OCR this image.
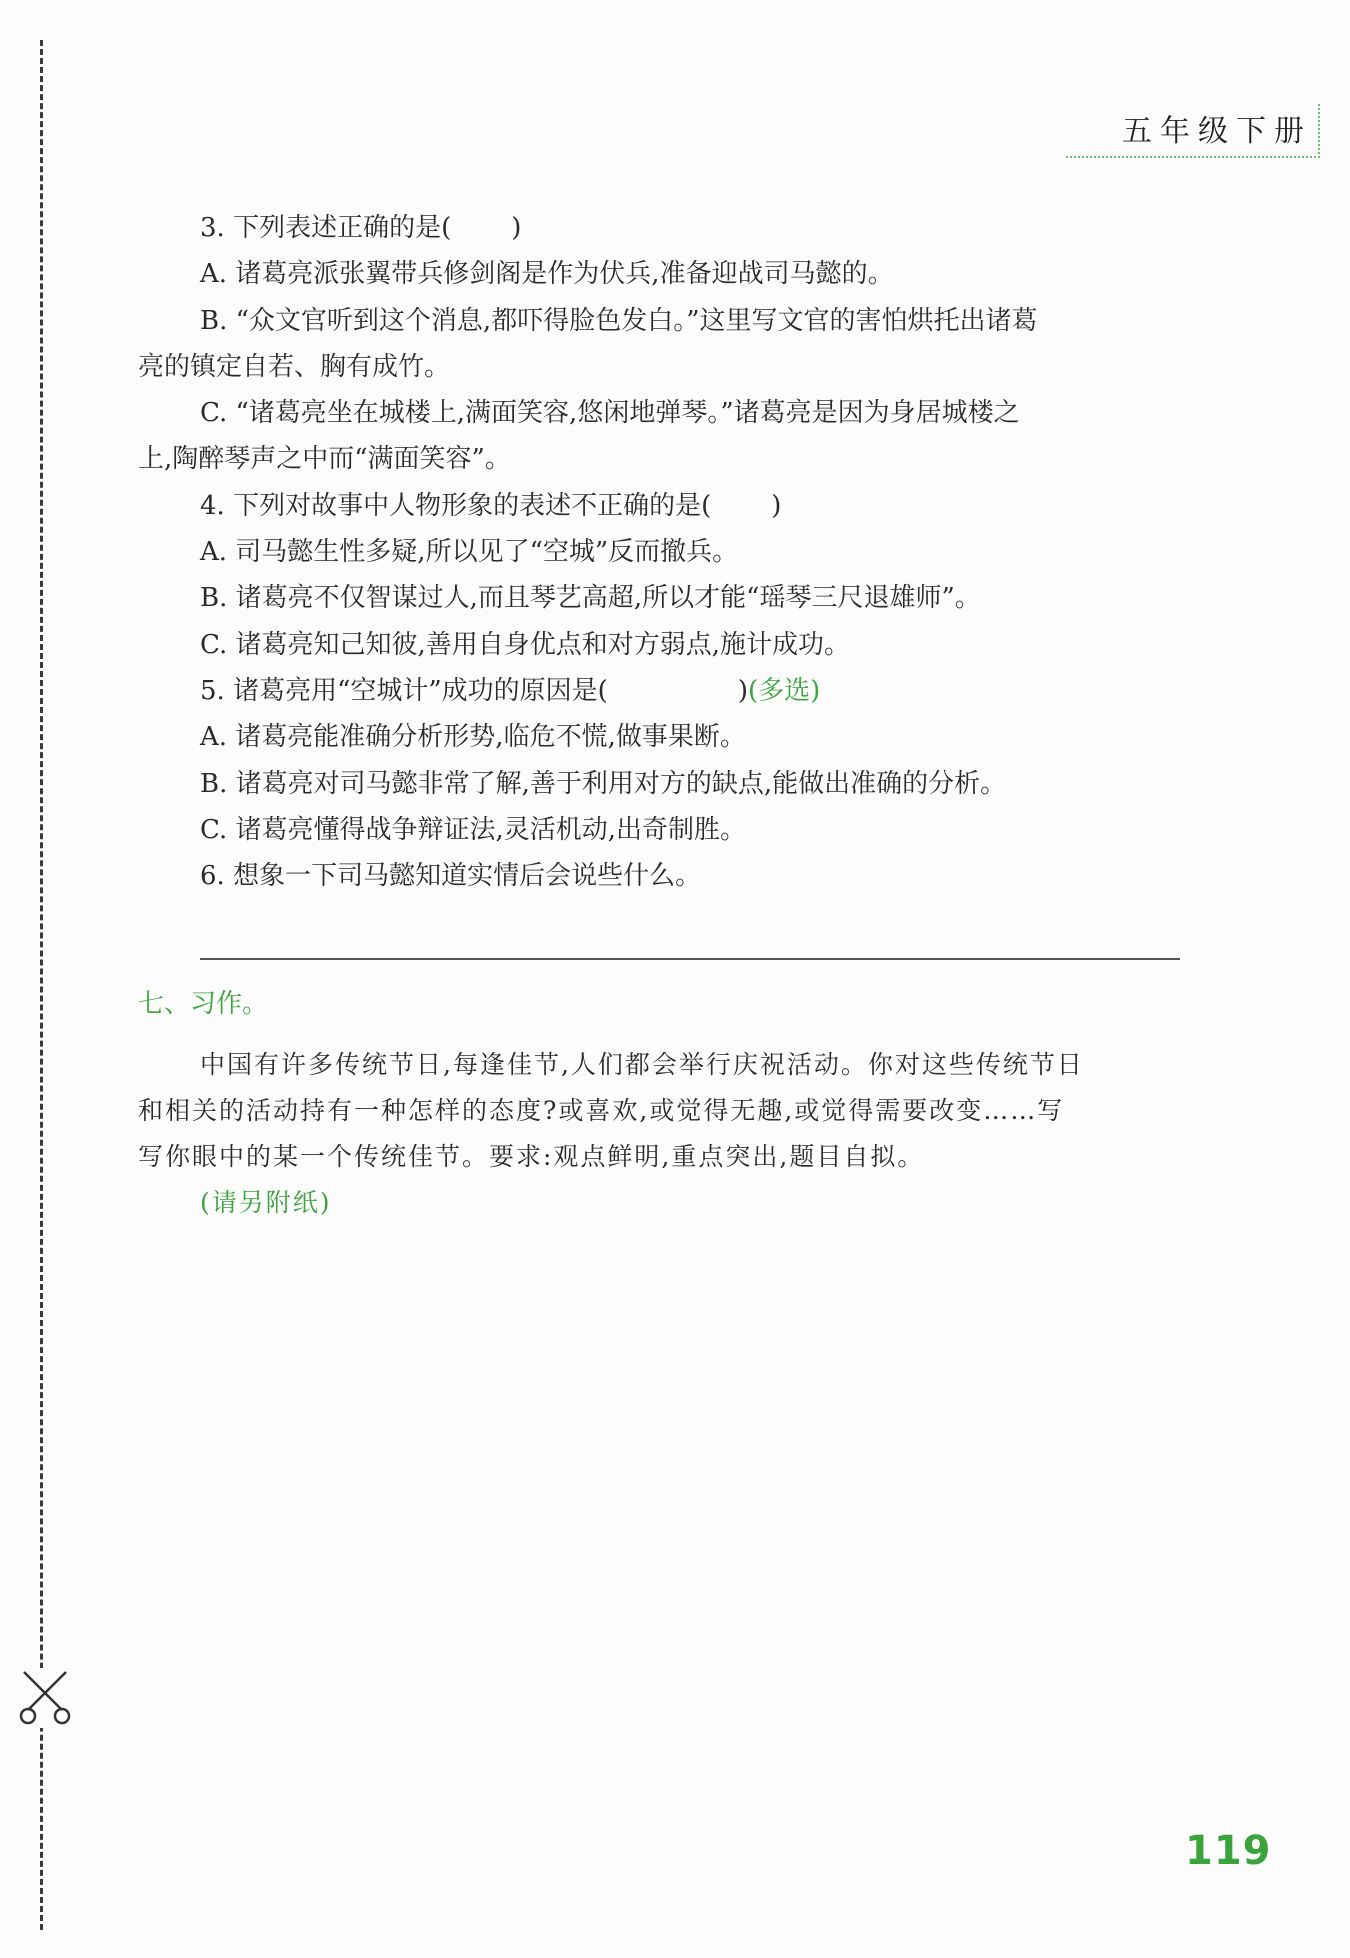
五年级下册

3. 下列表述正确的是( )

A. 诸葛亮派张翼带兵修剑阁是作为伏兵,准备迎战司马懿的。

B. “众文官听到这个消息,都吓得脸色发白。”这里写文官的害怕烘托出诸葛

亮的镇定自若、胸有成竹。

C. “诸葛亮坐在城楼上,满面笑容,悠闲地弹琴。”诸葛亮是因为身居城楼之

上,陶醉琴声之中而“满面笑容”。

4. 下列对故事中人物形象的表述不正确的是( )

A. 司马懿生性多疑,所以见了“空城”反而撤兵。

B. 诸葛亮不仅智谋过人,而且琴艺高超,所以才能“瑶琴三尺退雄师”。

C. 诸葛亮知己知彼,善用自身优点和对方弱点,施计成功。

5. 诸葛亮用“空城计”成功的原因是(	)(多选)

A. 诸葛亮能准确分析形势,临危不慌,做事果断。

B. 诸葛亮对司马懿非常了解,善于利用对方的缺点,能做出准确的分析。

C. 诸葛亮懂得战争辩证法,灵活机动,出奇制胜。

6. 想象一下司马懿知道实情后会说些什么。

七、习作。

中国有许多传统节日,每逢佳节,人们都会举行庆祝活动。你对这些传统节日

和相关的活动持有一种怎样的态度?或喜欢,或觉得无趣,或觉得需要改变……写

写你眼中的某一个传统佳节。要求:观点鲜明,重点突出,题目自拟。

(请另附纸)

119
